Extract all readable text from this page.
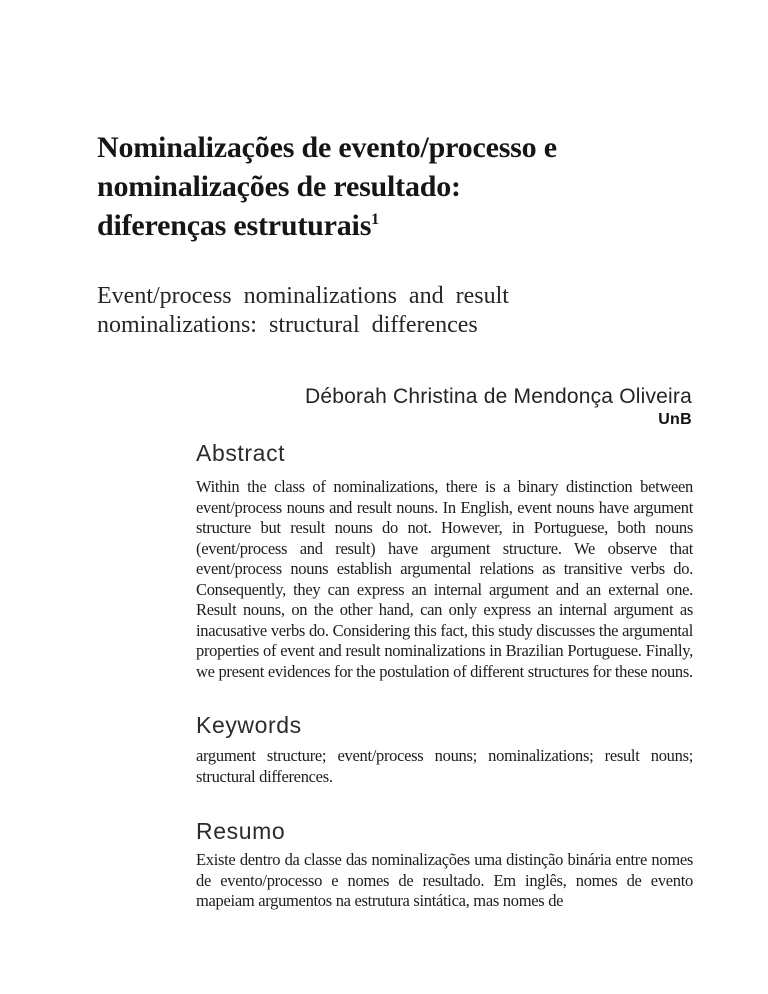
Nominalizações de evento/processo e
nominalizações de resultado:
diferenças estruturais$^1$
Event/process nominalizations and result
nominalizations: structural differences
Déborah Christina de Mendonça Oliveira
UnB
Abstract

Within the class of nominalizations, there is a binary distinction between event/process nouns and result nouns. In English, event nouns have argument structure but result nouns do not. However, in Portuguese, both nouns (event/process and result) have argument structure. We observe that event/process nouns establish argumental relations as transitive verbs do. Consequently, they can express an internal argument and an external one. Result nouns, on the other hand, can only express an internal argument as inacusative verbs do. Considering this fact, this study discusses the argumental properties of event and result nominalizations in Brazilian Portuguese. Finally, we present evidences for the postulation of different structures for these nouns.

Keywords

argument structure; event/process nouns; nominalizations; result nouns; structural differences.

Resumo

Existe dentro da classe das nominalizações uma distinção binária entre nomes de evento/processo e nomes de resultado. Em inglês, nomes de evento mapeiam argumentos na estrutura sintática, mas nomes de
